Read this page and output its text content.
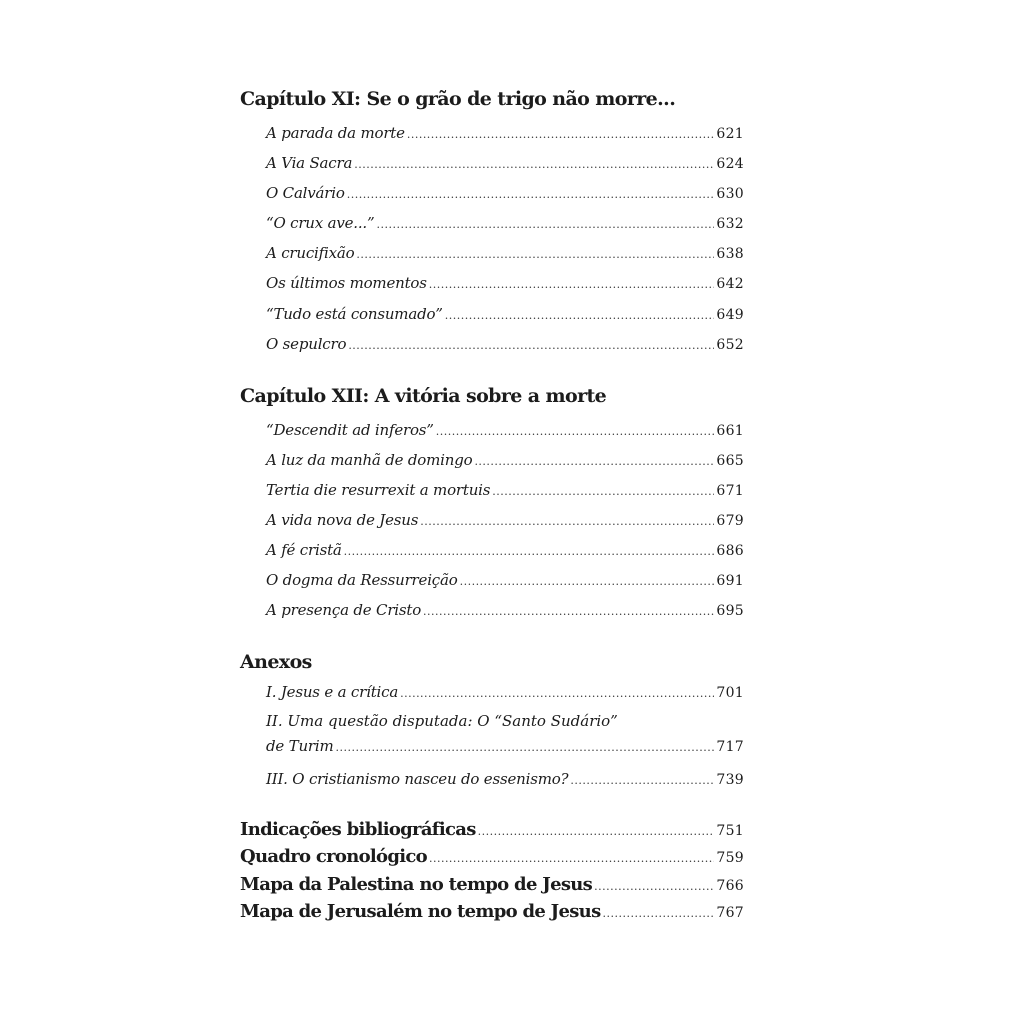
Capítulo XI: Se o grão de trigo não morre...
A parada da morte .....	621
A Via Sacra .....	624
O Calvário .....	630
“O crux ave...” .....	632
A crucifixão .....	638
Os últimos momentos .....	642
“Tudo está consumado” .....	649
O sepulcro .....	652
Capítulo XII: A vitória sobre a morte
“Descendit ad inferos” .....	661
A luz da manhã de domingo .....	665
Tertia die resurrexit a mortuis .....	671
A vida nova de Jesus .....	679
A fé cristã .....	686
O dogma da Ressurreição .....	691
A presença de Cristo .....	695
Anexos
I. Jesus e a crítica .....	701
II. Uma questão disputada: O “Santo Sudário”
de Turim .....	717
III. O cristianismo nasceu do essenismo? .....	739
Indicações bibliográficas .....	751
Quadro cronológico .....	759
Mapa da Palestina no tempo de Jesus .....	766
Mapa de Jerusalém no tempo de Jesus .....	767
